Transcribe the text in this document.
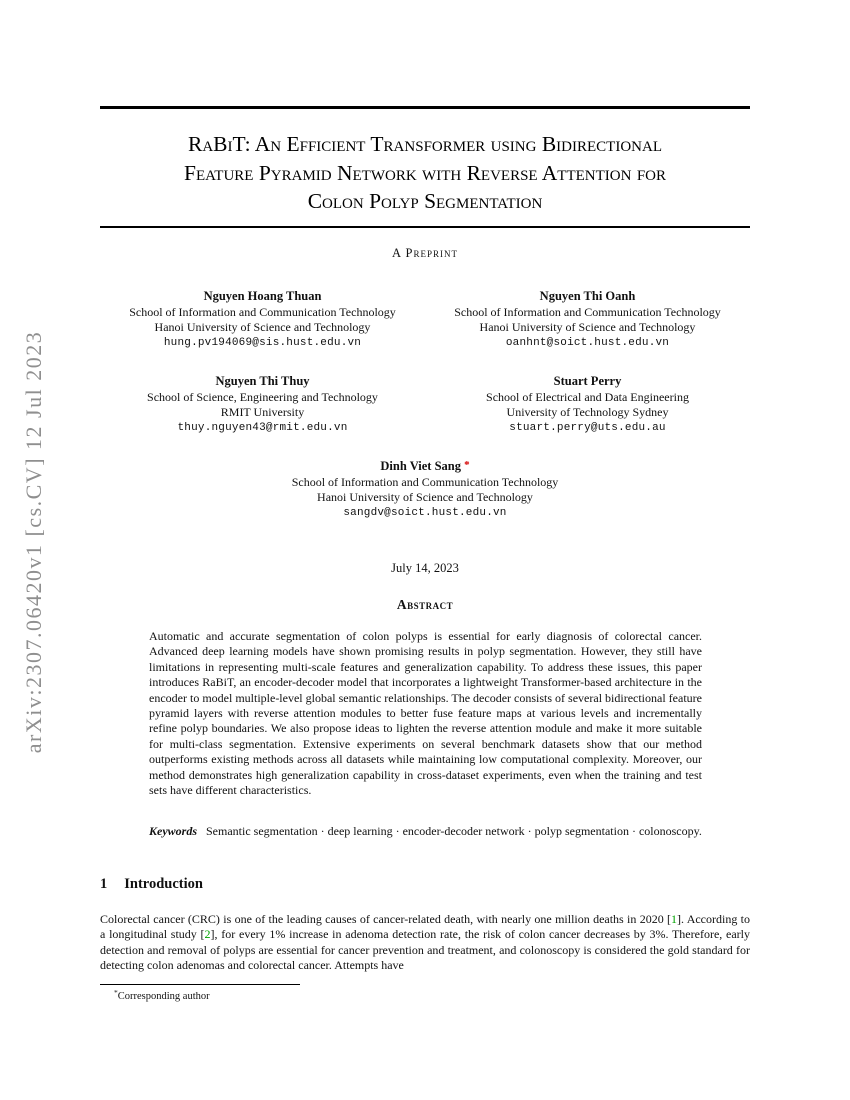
arXiv:2307.06420v1 [cs.CV] 12 Jul 2023
RaBiT: An Efficient Transformer using Bidirectional
Feature Pyramid Network with Reverse Attention for
Colon Polyp Segmentation
A Preprint
Nguyen Hoang Thuan
School of Information and Communication Technology
Hanoi University of Science and Technology
hung.pv194069@sis.hust.edu.vn
Nguyen Thi Oanh
School of Information and Communication Technology
Hanoi University of Science and Technology
oanhnt@soict.hust.edu.vn
Nguyen Thi Thuy
School of Science, Engineering and Technology
RMIT University
thuy.nguyen43@rmit.edu.vn
Stuart Perry
School of Electrical and Data Engineering
University of Technology Sydney
stuart.perry@uts.edu.au
Dinh Viet Sang *
School of Information and Communication Technology
Hanoi University of Science and Technology
sangdv@soict.hust.edu.vn
July 14, 2023
Abstract
Automatic and accurate segmentation of colon polyps is essential for early diagnosis of colorectal cancer. Advanced deep learning models have shown promising results in polyp segmentation. However, they still have limitations in representing multi-scale features and generalization capability. To address these issues, this paper introduces RaBiT, an encoder-decoder model that incorporates a lightweight Transformer-based architecture in the encoder to model multiple-level global semantic relationships. The decoder consists of several bidirectional feature pyramid layers with reverse attention modules to better fuse feature maps at various levels and incrementally refine polyp boundaries. We also propose ideas to lighten the reverse attention module and make it more suitable for multi-class segmentation. Extensive experiments on several benchmark datasets show that our method outperforms existing methods across all datasets while maintaining low computational complexity. Moreover, our method demonstrates high generalization capability in cross-dataset experiments, even when the training and test sets have different characteristics.
Keywords Semantic segmentation · deep learning · encoder-decoder network · polyp segmentation · colonoscopy.
1 Introduction
Colorectal cancer (CRC) is one of the leading causes of cancer-related death, with nearly one million deaths in 2020 [1]. According to a longitudinal study [2], for every 1% increase in adenoma detection rate, the risk of colon cancer decreases by 3%. Therefore, early detection and removal of polyps are essential for cancer prevention and treatment, and colonoscopy is considered the gold standard for detecting colon adenomas and colorectal cancer. Attempts have
*Corresponding author
